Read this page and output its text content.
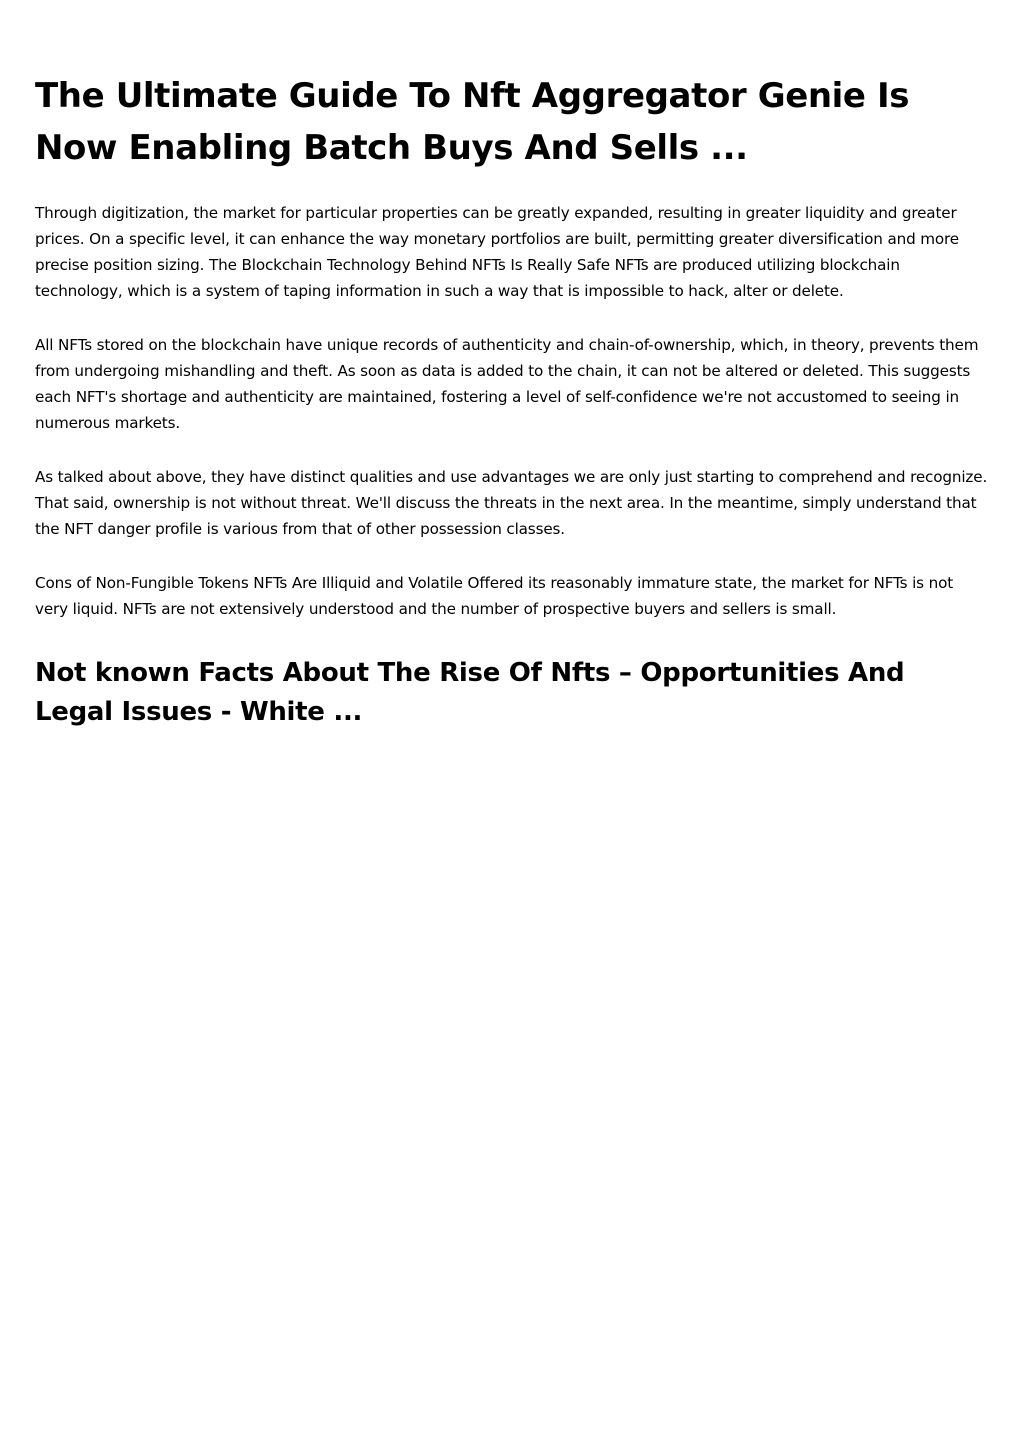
The Ultimate Guide To Nft Aggregator Genie Is Now Enabling Batch Buys And Sells ...

Through digitization, the market for particular properties can be greatly expanded, resulting in greater liquidity and greater prices. On a specific level, it can enhance the way monetary portfolios are built, permitting greater diversification and more precise position sizing. The Blockchain Technology Behind NFTs Is Really Safe NFTs are produced utilizing blockchain technology, which is a system of taping information in such a way that is impossible to hack, alter or delete.

All NFTs stored on the blockchain have unique records of authenticity and chain-of-ownership, which, in theory, prevents them from undergoing mishandling and theft. As soon as data is added to the chain, it can not be altered or deleted. This suggests each NFT's shortage and authenticity are maintained, fostering a level of self-confidence we're not accustomed to seeing in numerous markets.

As talked about above, they have distinct qualities and use advantages we are only just starting to comprehend and recognize. That said, ownership is not without threat. We'll discuss the threats in the next area. In the meantime, simply understand that the NFT danger profile is various from that of other possession classes.

Cons of Non-Fungible Tokens NFTs Are Illiquid and Volatile Offered its reasonably immature state, the market for NFTs is not very liquid. NFTs are not extensively understood and the number of prospective buyers and sellers is small.

Not known Facts About The Rise Of Nfts – Opportunities And Legal Issues - White ...
